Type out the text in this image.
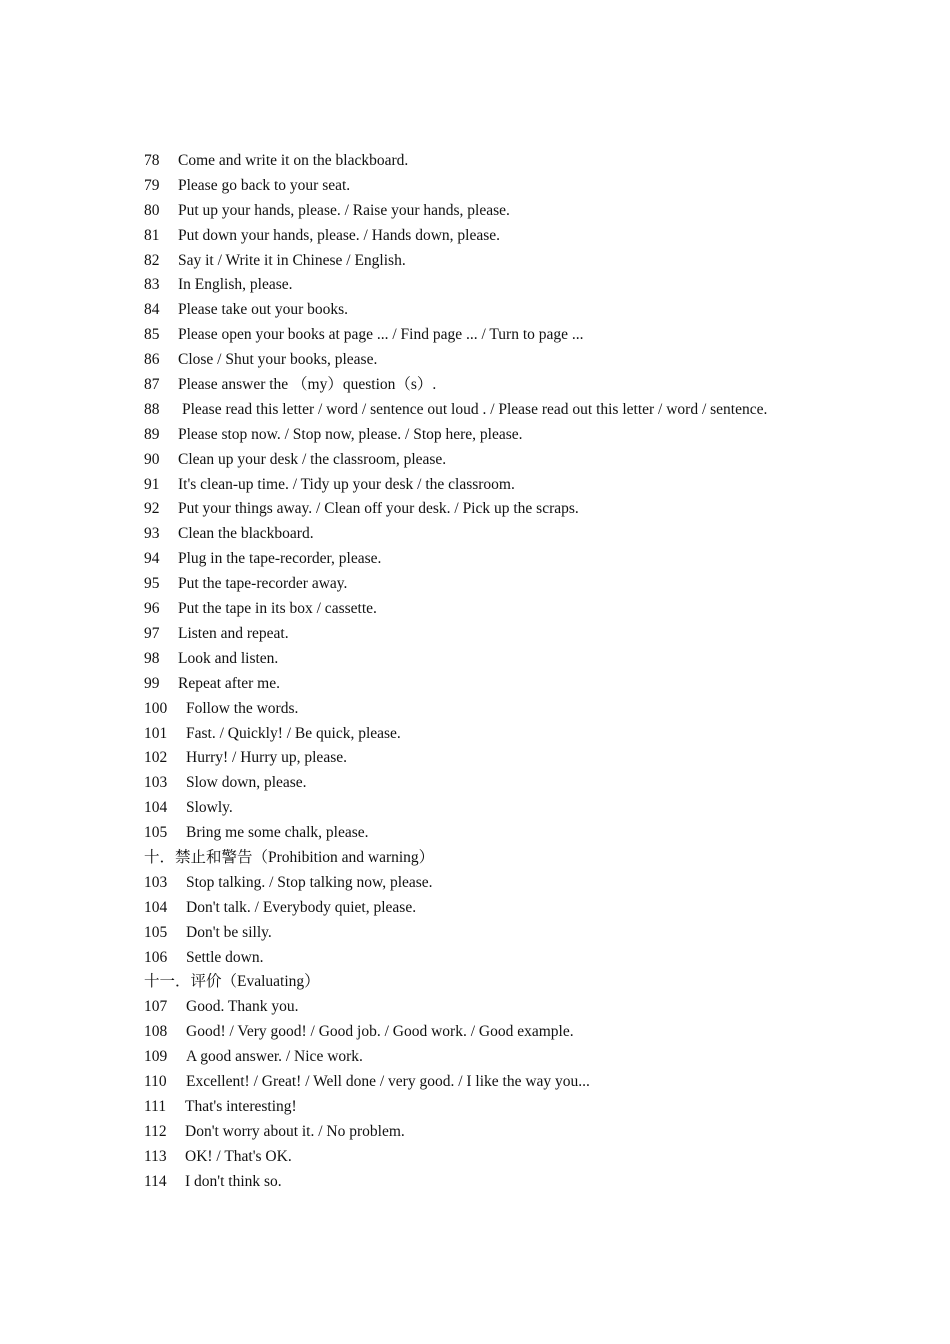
78 Come and write it on the blackboard.
79 Please go back to your seat.
80 Put up your hands, please. / Raise your hands, please.
81 Put down your hands, please. / Hands down, please.
82 Say it / Write it in Chinese / English.
83 In English, please.
84 Please take out your books.
85 Please open your books at page ... / Find page ... / Turn to page ...
86 Close / Shut your books, please.
87 Please answer the （my）question（s）.
88 Please read this letter / word / sentence out loud . / Please read out this letter / word / sentence.
89 Please stop now. / Stop now, please. / Stop here, please.
90 Clean up your desk / the classroom, please.
91 It's clean-up time. / Tidy up your desk / the classroom.
92 Put your things away. / Clean off your desk. / Pick up the scraps.
93 Clean the blackboard.
94 Plug in the tape-recorder, please.
95 Put the tape-recorder away.
96 Put the tape in its box / cassette.
97 Listen and repeat.
98 Look and listen.
99 Repeat after me.
100 Follow the words.
101 Fast. / Quickly! / Be quick, please.
102 Hurry! / Hurry up, please.
103 Slow down, please.
104 Slowly.
105 Bring me some chalk, please.
十．禁止和警告（Prohibition and warning）
103 Stop talking. / Stop talking now, please.
104 Don't talk. / Everybody quiet, please.
105 Don't be silly.
106 Settle down.
十一．评价（Evaluating）
107 Good. Thank you.
108 Good! / Very good! / Good job. / Good work. / Good example.
109 A good answer. / Nice work.
110 Excellent! / Great! / Well done / very good. / I like the way you...
111 That's interesting!
112 Don't worry about it. / No problem.
113 OK! / That's OK.
114 I don't think so.
